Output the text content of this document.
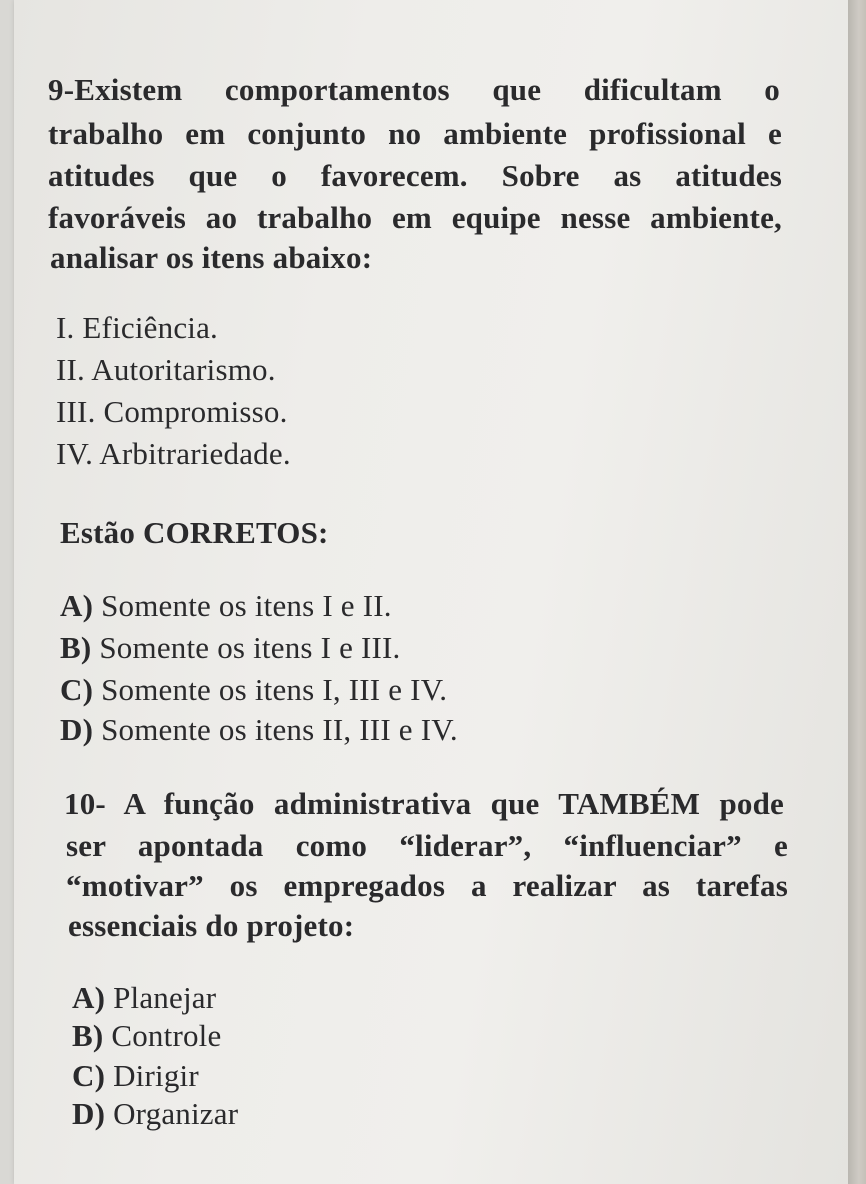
9-Existem comportamentos que dificultam o
trabalho em conjunto no ambiente profissional e
atitudes que o favorecem. Sobre as atitudes
favoráveis ao trabalho em equipe nesse ambiente,
analisar os itens abaixo:
I. Eficiência.
II. Autoritarismo.
III. Compromisso.
IV. Arbitrariedade.
Estão CORRETOS:
A) Somente os itens I e II.
B) Somente os itens I e III.
C) Somente os itens I, III e IV.
D) Somente os itens II, III e IV.
10- A função administrativa que TAMBÉM pode
ser apontada como “liderar”, “influenciar” e
“motivar” os empregados a realizar as tarefas
essenciais do projeto:
A) Planejar
B) Controle
C) Dirigir
D) Organizar
